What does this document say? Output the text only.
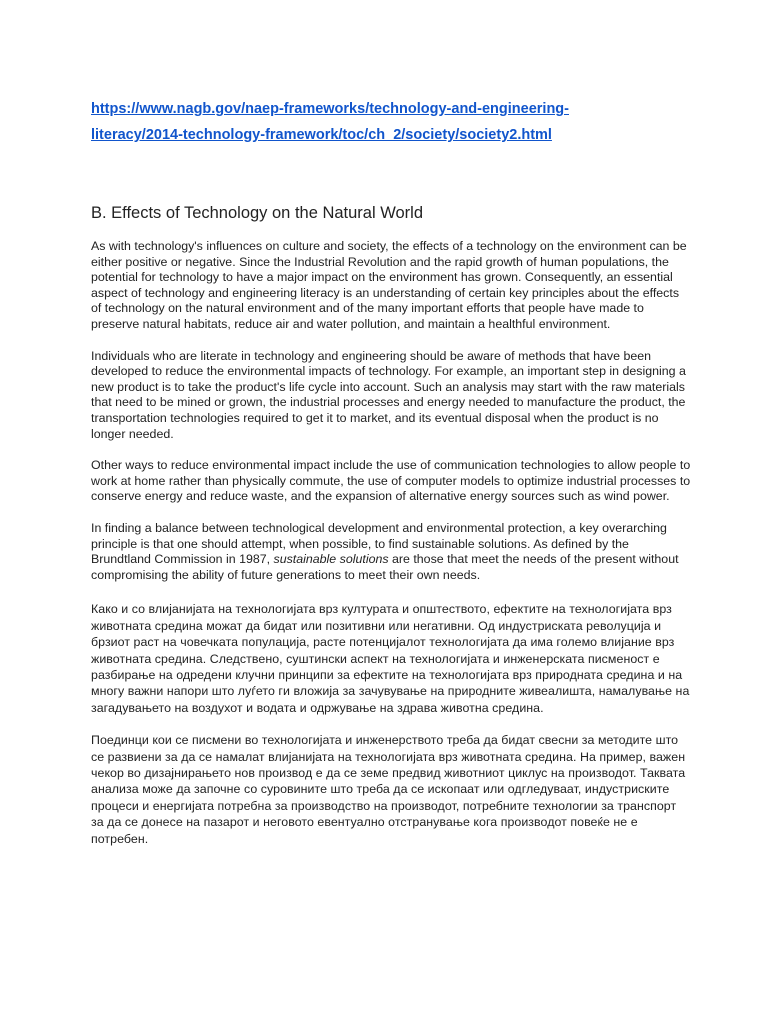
https://www.nagb.gov/naep-frameworks/technology-and-engineering-
literacy/2014-technology-framework/toc/ch_2/society/society2.html
B. Effects of Technology on the Natural World

As with technology's influences on culture and society, the effects of a technology on the environment can be either positive or negative. Since the Industrial Revolution and the rapid growth of human populations, the potential for technology to have a major impact on the environment has grown. Consequently, an essential aspect of technology and engineering literacy is an understanding of certain key principles about the effects of technology on the natural environment and of the many important efforts that people have made to preserve natural habitats, reduce air and water pollution, and maintain a healthful environment.

Individuals who are literate in technology and engineering should be aware of methods that have been developed to reduce the environmental impacts of technology. For example, an important step in designing a new product is to take the product's life cycle into account. Such an analysis may start with the raw materials that need to be mined or grown, the industrial processes and energy needed to manufacture the product, the transportation technologies required to get it to market, and its eventual disposal when the product is no longer needed.

Other ways to reduce environmental impact include the use of communication technologies to allow people to work at home rather than physically commute, the use of computer models to optimize industrial processes to conserve energy and reduce waste, and the expansion of alternative energy sources such as wind power.

In finding a balance between technological development and environmental protection, a key overarching principle is that one should attempt, when possible, to find sustainable solutions. As defined by the Brundtland Commission in 1987, sustainable solutions are those that meet the needs of the present without compromising the ability of future generations to meet their own needs.

Како и со влијанијата на технологијата врз културата и општеството, ефектите на технологијата врз животната средина можат да бидат или позитивни или негативни. Од индустриската револуција и брзиот раст на човечката популација, расте потенцијалот технологијата да има големо влијание врз животната средина. Следствено, суштински аспект на технологијата и инженерската писменост е разбирање на одредени клучни принципи за ефектите на технологијата врз природната средина и на многу важни напори што луѓето ги вложија за зачувување на природните живеалишта, намалување на загадувањето на воздухот и водата и одржување на здрава животна средина.

Поединци кои се писмени во технологијата и инженерството треба да бидат свесни за методите што се развиени за да се намалат влијанијата на технологијата врз животната средина. На пример, важен чекор во дизајнирањето нов производ е да се земе предвид животниот циклус на производот. Таквата анализа може да започне со суровините што треба да се ископаат или одгледуваат, индустриските процеси и енергијата потребна за производство на производот, потребните технологии за транспорт за да се донесе на пазарот и неговото евентуално отстранување кога производот повеќе не е потребен.
